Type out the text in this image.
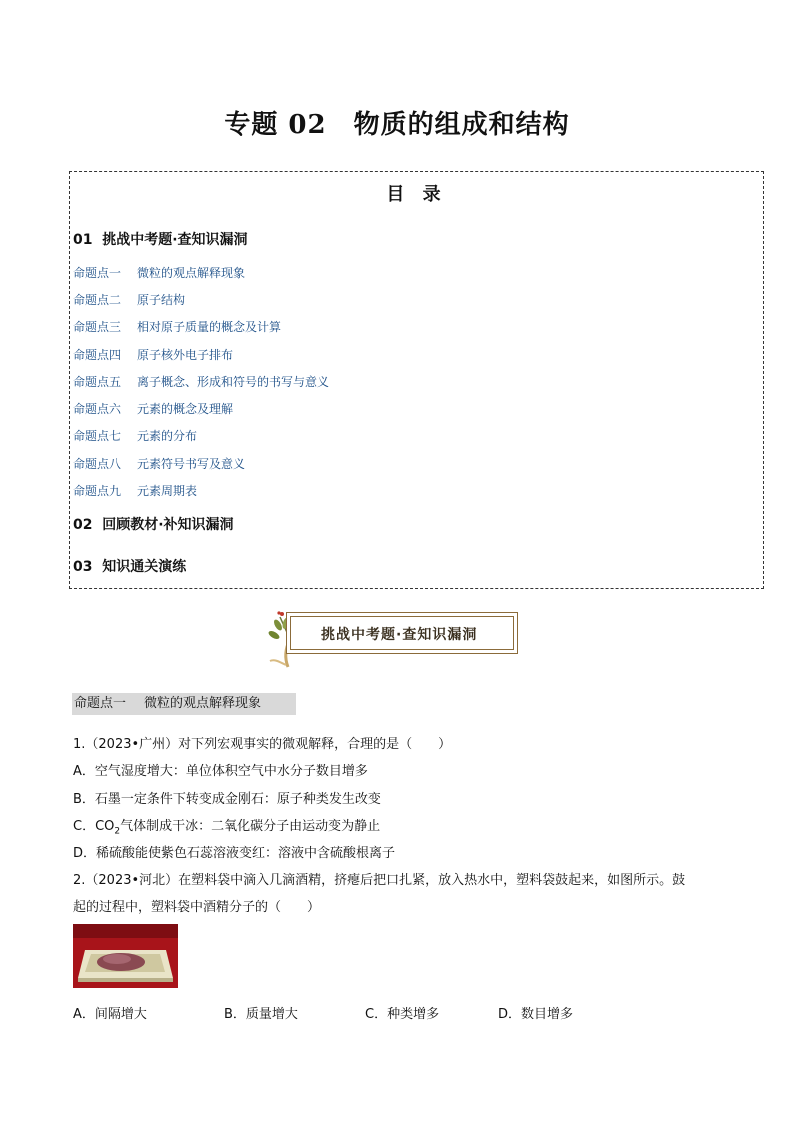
专题 02　物质的组成和结构
目 录
01 挑战中考题·查知识漏洞
命题点一 微粒的观点解释现象
命题点二 原子结构
命题点三 相对原子质量的概念及计算
命题点四 原子核外电子排布
命题点五 离子概念、形成和符号的书写与意义
命题点六 元素的概念及理解
命题点七 元素的分布
命题点八 元素符号书写及意义
命题点九 元素周期表
02 回顾教材·补知识漏洞
03 知识通关演练
挑战中考题·查知识漏洞
命题点一 微粒的观点解释现象
1.（2023•广州）对下列宏观事实的微观解释，合理的是（　　）
A．空气湿度增大：单位体积空气中水分子数目增多
B．石墨一定条件下转变成金刚石：原子种类发生改变
C．$CO_2$气体制成干冰：二氧化碳分子由运动变为静止
D．稀硫酸能使紫色石蕊溶液变红：溶液中含硫酸根离子
2.（2023•河北）在塑料袋中滴入几滴酒精，挤瘪后把口扎紧，放入热水中，塑料袋鼓起来，如图所示。鼓
起的过程中，塑料袋中酒精分子的（　　）
A．间隔增大	B．质量增大	C．种类增多	D．数目增多
